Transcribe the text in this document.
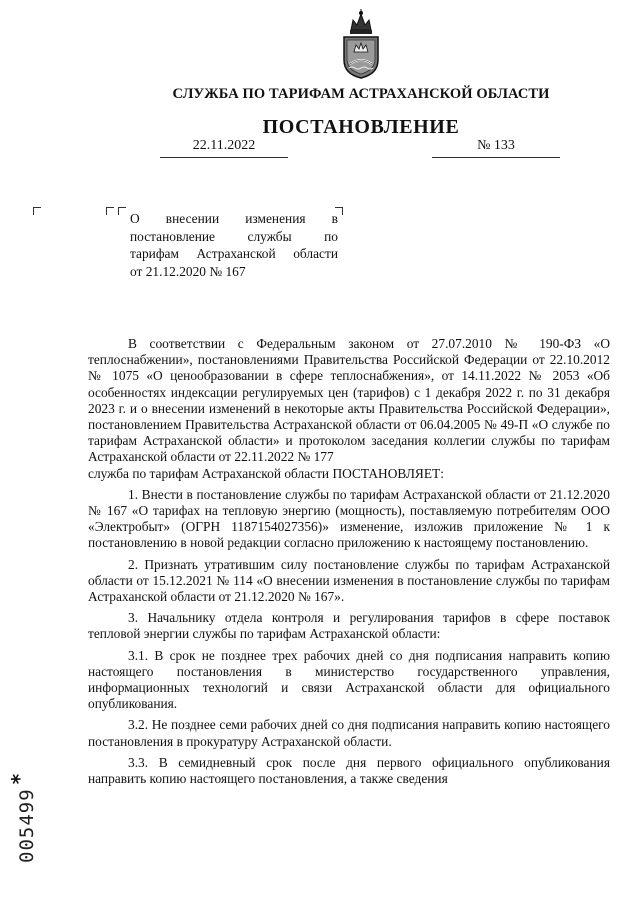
СЛУЖБА ПО ТАРИФАМ АСТРАХАНСКОЙ ОБЛАСТИ
ПОСТАНОВЛЕНИЕ
22.11.2022	№ 133
О внесении изменения в
постановление службы по
тарифам Астраханской области
от 21.12.2020 № 167

В соответствии с Федеральным законом от 27.07.2010 № 190-ФЗ «О теплоснабжении», постановлениями Правительства Российской Федерации от 22.10.2012 № 1075 «О ценообразовании в сфере теплоснабжения», от 14.11.2022 № 2053 «Об особенностях индексации регулируемых цен (тарифов) с 1 декабря 2022 г. по 31 декабря 2023 г. и о внесении изменений в некоторые акты Правительства Российской Федерации», постановлением Правительства Астраханской области от 06.04.2005 № 49-П «О службе по тарифам Астраханской области» и протоколом заседания коллегии службы по тарифам Астраханской области от 22.11.2022 № 177

служба по тарифам Астраханской области ПОСТАНОВЛЯЕТ:

1. Внести в постановление службы по тарифам Астраханской области от 21.12.2020 № 167 «О тарифах на тепловую энергию (мощность), поставляемую потребителям ООО «Электробыт» (ОГРН 1187154027356)» изменение, изложив приложение № 1 к постановлению в новой редакции согласно приложению к настоящему постановлению.

2. Признать утратившим силу постановление службы по тарифам Астраханской области от 15.12.2021 № 114 «О внесении изменения в постановление службы по тарифам Астраханской области от 21.12.2020 № 167».

3. Начальнику отдела контроля и регулирования тарифов в сфере поставок тепловой энергии службы по тарифам Астраханской области:

3.1. В срок не позднее трех рабочих дней со дня подписания направить копию настоящего постановления в министерство государственного управления, информационных технологий и связи Астраханской области для официального опубликования.

3.2. Не позднее семи рабочих дней со дня подписания направить копию настоящего постановления в прокуратуру Астраханской области.

3.3. В семидневный срок после дня первого официального опубликования направить копию настоящего постановления, а также сведения

*
005499
